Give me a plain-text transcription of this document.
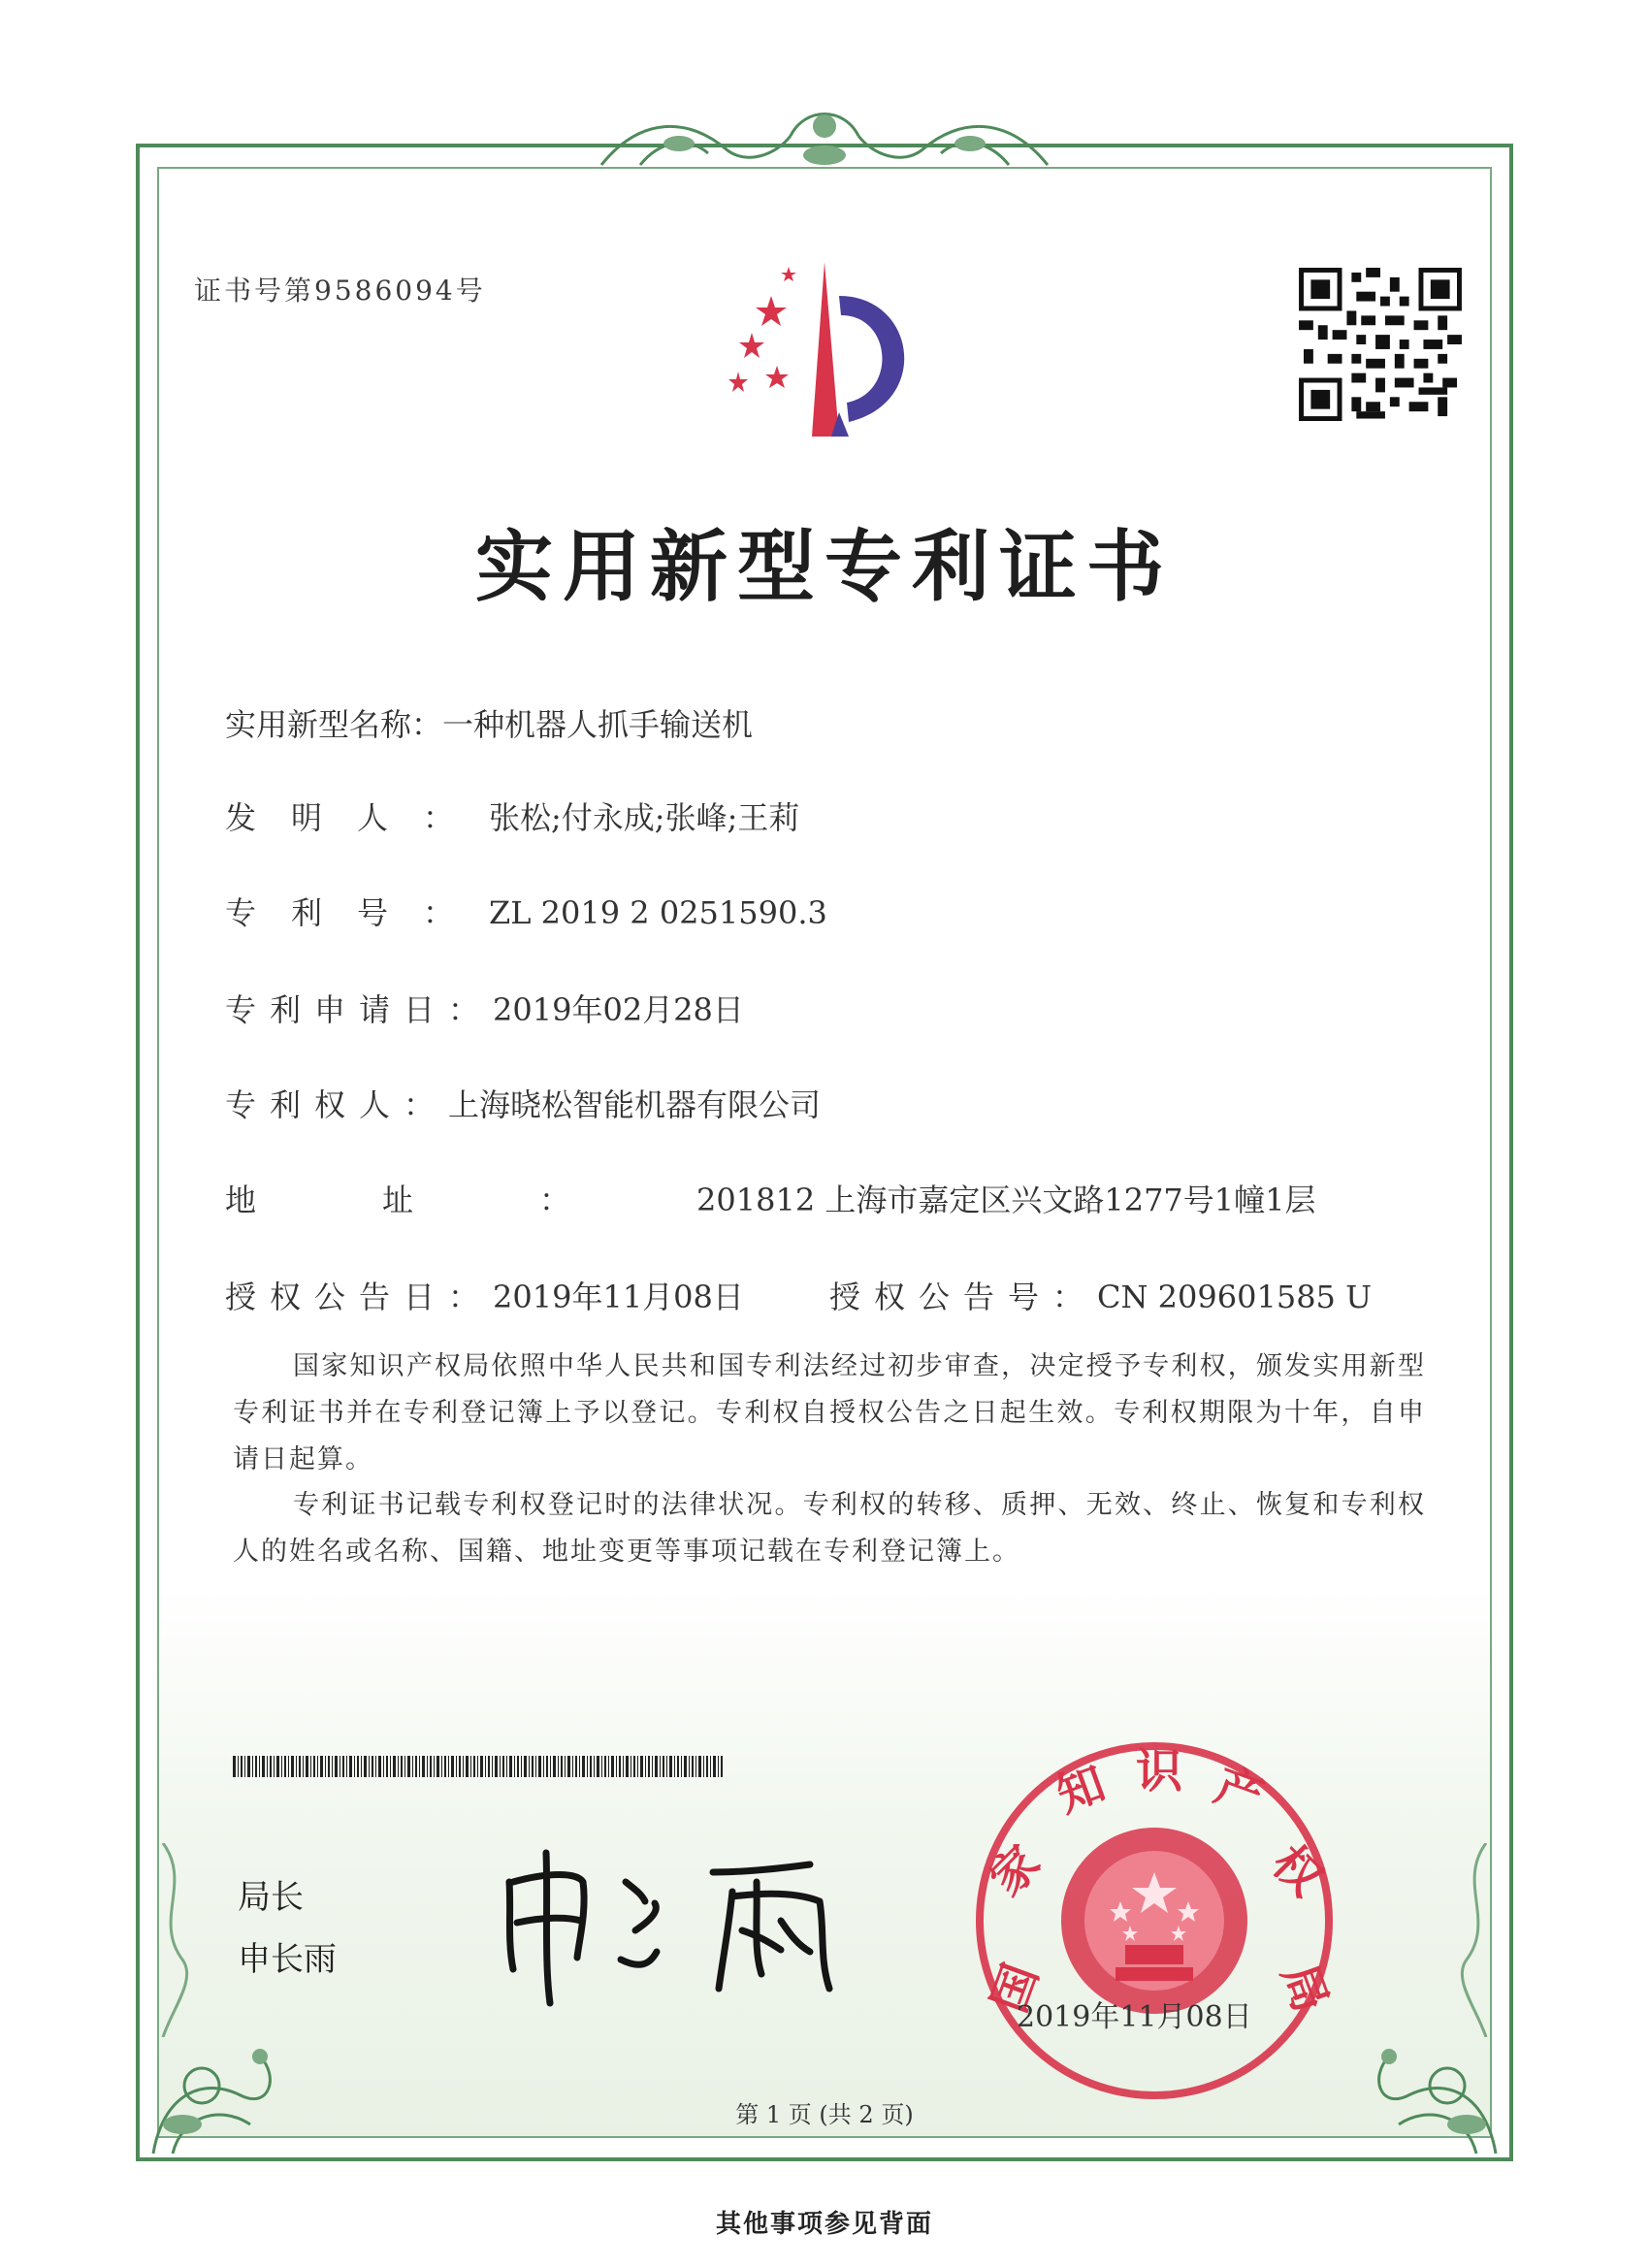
证书号第9586094号
实用新型专利证书
实用新型名称：一种机器人抓手输送机
发明人：张松;付永成;张峰;王莉
专利号：ZL 2019 2 0251590.3
专利申请日：2019年02月28日
专利权人：上海晓松智能机器有限公司
地址：201812 上海市嘉定区兴文路1277号1幢1层
授权公告日：2019年11月08日	授权公告号：CN 209601585 U
国家知识产权局依照中华人民共和国专利法经过初步审查，决定授予专利权，颁发实用新型专利证书并在专利登记簿上予以登记。专利权自授权公告之日起生效。专利权期限为十年，自申请日起算。
专利证书记载专利权登记时的法律状况。专利权的转移、质押、无效、终止、恢复和专利权人的姓名或名称、国籍、地址变更等事项记载在专利登记簿上。
局长
申长雨	国
家
知 识 产
权
局
2019年11月08日
第 1 页 (共 2 页)
其他事项参见背面
